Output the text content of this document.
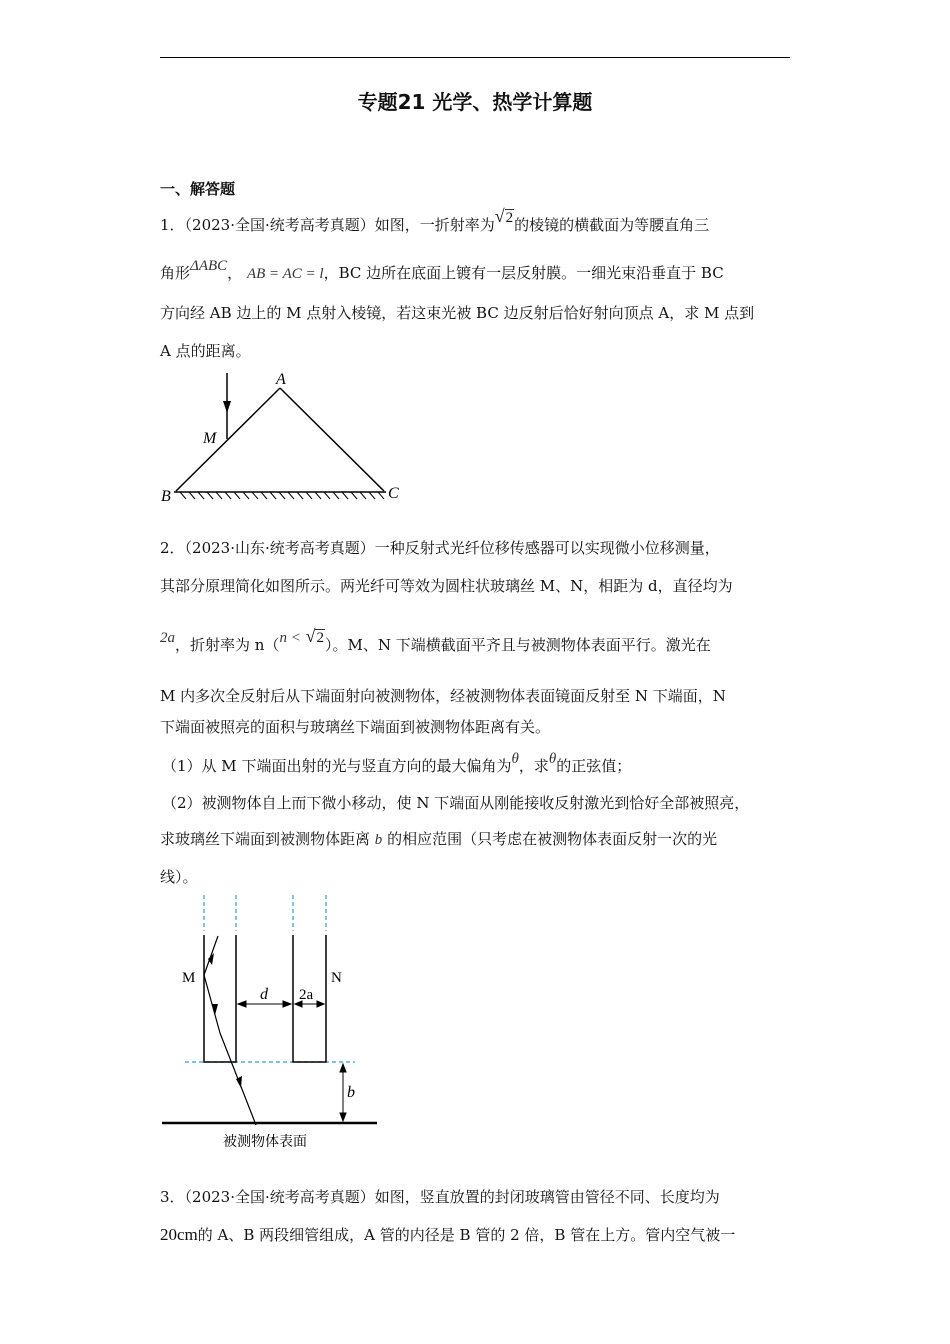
专题21 光学、热学计算题
一、解答题
1．（2023·全国·统考高考真题）如图，一折射率为√2的棱镜的横截面为等腰直角三
角形ΔABC， AB = AC = l，BC 边所在底面上镀有一层反射膜。一细光束沿垂直于 BC
方向经 AB 边上的 M 点射入棱镜，若这束光被 BC 边反射后恰好射向顶点 A，求 M 点到
A 点的距离。
A
M
B	C
2．（2023·山东·统考高考真题）一种反射式光纤位移传感器可以实现微小位移测量，
其部分原理简化如图所示。两光纤可等效为圆柱状玻璃丝 M、N，相距为 d，直径均为
2a，折射率为 n（n < √2）。M、N 下端横截面平齐且与被测物体表面平行。激光在
M 内多次全反射后从下端面射向被测物体，经被测物体表面镜面反射至 N 下端面，N
下端面被照亮的面积与玻璃丝下端面到被测物体距离有关。
（1）从 M 下端面出射的光与竖直方向的最大偏角为θ，求θ的正弦值；
（2）被测物体自上而下微小移动，使 N 下端面从刚能接收反射激光到恰好全部被照亮，
求玻璃丝下端面到被测物体距离 b 的相应范围（只考虑在被测物体表面反射一次的光
线）。
M	N
d 2a
b
被测物体表面
3．（2023·全国·统考高考真题）如图，竖直放置的封闭玻璃管由管径不同、长度均为
20cm的 A、B 两段细管组成，A 管的内径是 B 管的 2 倍，B 管在上方。管内空气被一
